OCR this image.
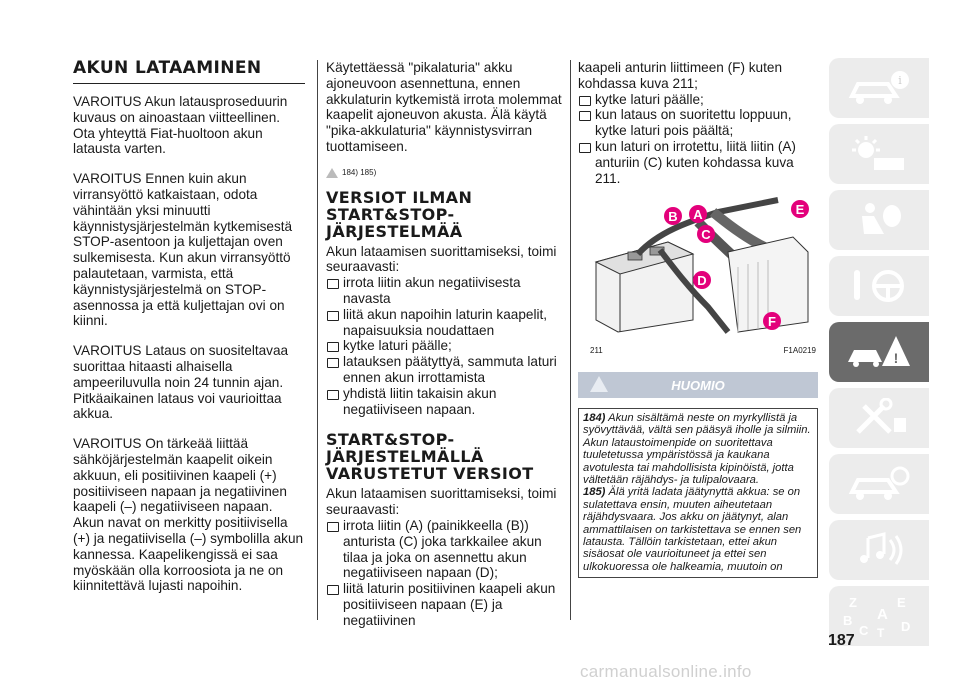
AKUN LATAAMINEN

VAROITUS Akun latausproseduurin kuvaus on ainoastaan viitteellinen. Ota yhteyttä Fiat-huoltoon akun latausta varten.

VAROITUS Ennen kuin akun virransyöttö katkaistaan, odota vähintään yksi minuutti käynnistysjärjestelmän kytkemisestä STOP-asentoon ja kuljettajan oven sulkemisesta. Kun akun virransyöttö palautetaan, varmista, että käynnistysjärjestelmä on STOP-asennossa ja että kuljettajan ovi on kiinni.

VAROITUS Lataus on suositeltavaa suorittaa hitaasti alhaisella ampeeriluvulla noin 24 tunnin ajan. Pitkäaikainen lataus voi vaurioittaa akkua.

VAROITUS On tärkeää liittää sähköjärjestelmän kaapelit oikein akkuun, eli positiivinen kaapeli (+) positiiviseen napaan ja negatiivinen kaapeli (–) negatiiviseen napaan. Akun navat on merkitty positiivisella (+) ja negatiivisella (–) symbolilla akun kannessa. Kaapelikengissä ei saa myöskään olla korroosiota ja ne on kiinnitettävä lujasti napoihin.

Käytettäessä "pikalaturia" akku ajoneuvoon asennettuna, ennen akkulaturin kytkemistä irrota molemmat kaapelit ajoneuvon akusta. Älä käytä "pika-akkulaturia" käynnistysvirran tuottamiseen.

184) 185)
VERSIOT ILMAN START&STOP-JÄRJESTELMÄÄ
Akun lataamisen suorittamiseksi, toimi seuraavasti:
irrota liitin akun negatiivisesta navasta
liitä akun napoihin laturin kaapelit, napaisuuksia noudattaen
kytke laturi päälle;
latauksen päätyttyä, sammuta laturi ennen akun irrottamista
yhdistä liitin takaisin akun negatiiviseen napaan.
START&STOP-JÄRJESTELMÄLLÄ VARUSTETUT VERSIOT
Akun lataamisen suorittamiseksi, toimi seuraavasti:
irrota liitin (A) (painikkeella (B)) anturista (C) joka tarkkailee akun tilaa ja joka on asennettu akun negatiiviseen napaan (D);
liitä laturin positiivinen kaapeli akun positiiviseen napaan (E) ja negatiivinen
kaapeli anturin liittimeen (F) kuten kohdassa kuva 211;
kytke laturi päälle;
kun lataus on suoritettu loppuun, kytke laturi pois päältä;
kun laturi on irrotettu, liitä liitin (A) anturiin (C) kuten kohdassa kuva 211.
B A
C
D
E
F
211	F1A0219
HUOMIO
184) Akun sisältämä neste on myrkyllistä ja syövyttävää, vältä sen pääsyä iholle ja silmiin. Akun lataustoimenpide on suoritettava tuuletetussa ympäristössä ja kaukana avotulesta tai mahdollisista kipinöistä, jotta vältetään räjähdys- ja tulipalovaara.
185) Älä yritä ladata jäätynyttä akkua: se on sulatettava ensin, muuten aiheutetaan räjähdysvaara. Jos akku on jäätynyt, alan ammattilaisen on tarkistettava se ennen sen latausta. Tällöin tarkistetaan, ettei akun sisäosat ole vaurioituneet ja ettei sen ulkokuoressa ole halkeamia, muutoin on
i
!
Z	E
A
B
C T D
187
carmanualsonline.info
